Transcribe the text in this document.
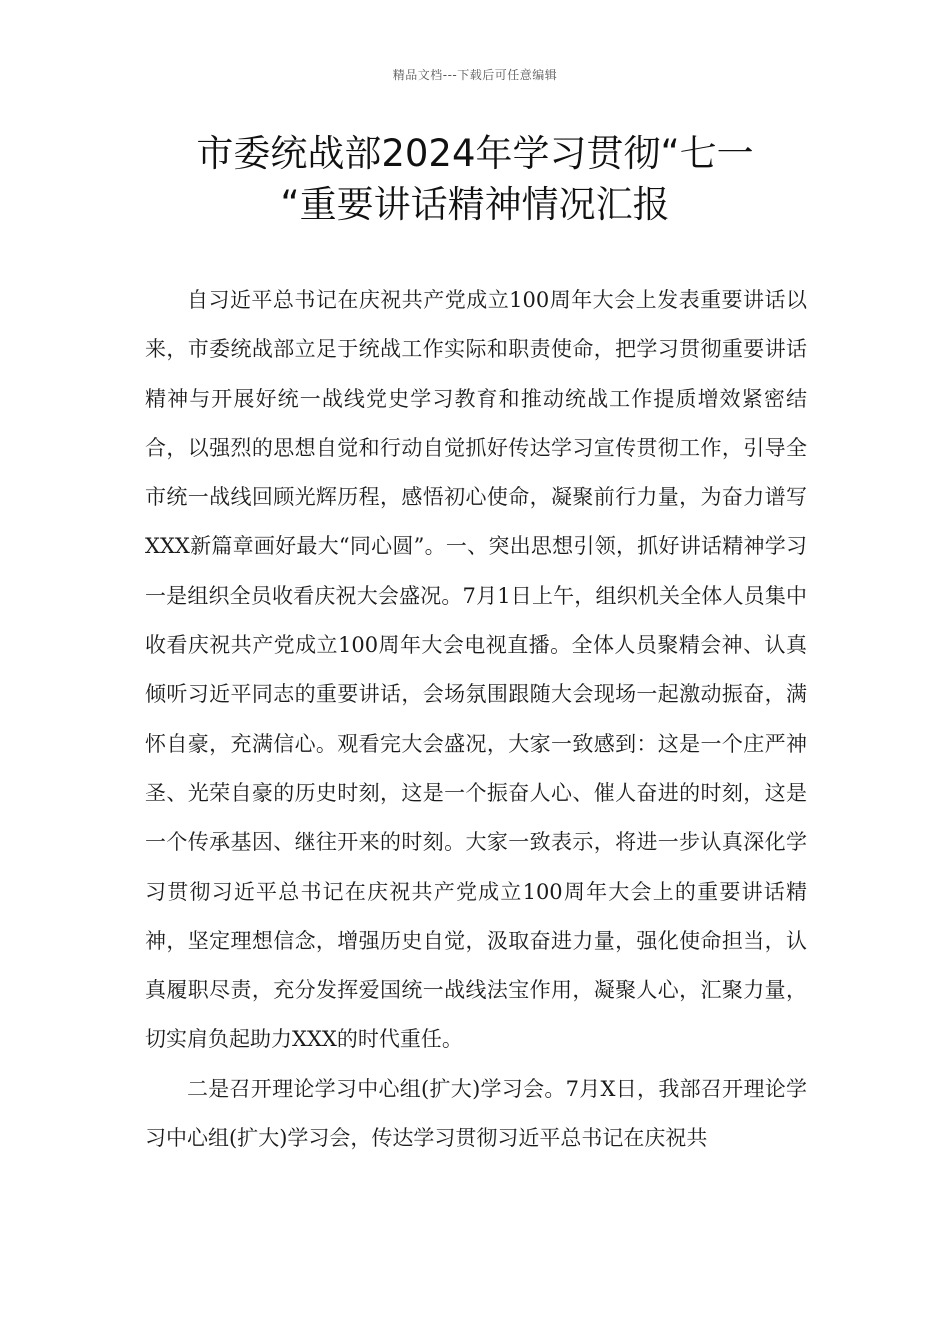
精品文档---下载后可任意编辑
市委统战部2024年学习贯彻“七一
“重要讲话精神情况汇报

自习近平总书记在庆祝共产党成立100周年大会上发表重要讲话以来，市委统战部立足于统战工作实际和职责使命，把学习贯彻重要讲话精神与开展好统一战线党史学习教育和推动统战工作提质增效紧密结合，以强烈的思想自觉和行动自觉抓好传达学习宣传贯彻工作，引导全市统一战线回顾光辉历程，感悟初心使命，凝聚前行力量，为奋力谱写XXX新篇章画好最大“同心圆”。一、突出思想引领，抓好讲话精神学习　　一是组织全员收看庆祝大会盛况。7月1日上午，组织机关全体人员集中收看庆祝共产党成立100周年大会电视直播。全体人员聚精会神、认真倾听习近平同志的重要讲话，会场氛围跟随大会现场一起激动振奋，满怀自豪，充满信心。观看完大会盛况，大家一致感到：这是一个庄严神圣、光荣自豪的历史时刻，这是一个振奋人心、催人奋进的时刻，这是一个传承基因、继往开来的时刻。大家一致表示，将进一步认真深化学习贯彻习近平总书记在庆祝共产党成立100周年大会上的重要讲话精神，坚定理想信念，增强历史自觉，汲取奋进力量，强化使命担当，认真履职尽责，充分发挥爱国统一战线法宝作用，凝聚人心，汇聚力量，切实肩负起助力XXX的时代重任。

二是召开理论学习中心组(扩大)学习会。7月X日，我部召开理论学习中心组(扩大)学习会，传达学习贯彻习近平总书记在庆祝共
